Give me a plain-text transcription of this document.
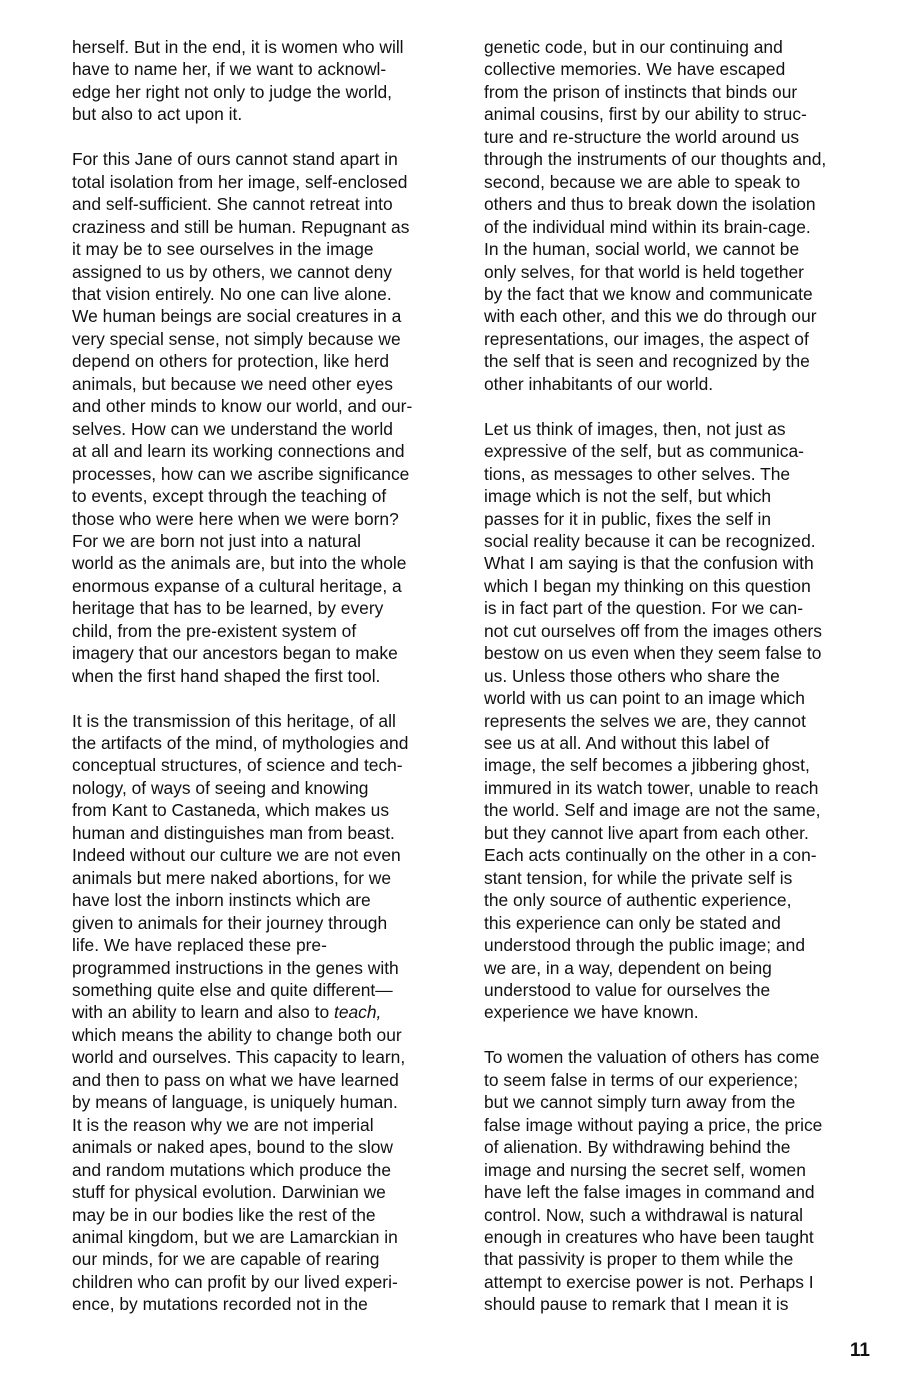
herself. But in the end, it is women who will
have to name her, if we want to acknowl-
edge her right not only to judge the world,
but also to act upon it.
For this Jane of ours cannot stand apart in
total isolation from her image, self-enclosed
and self-sufficient. She cannot retreat into
craziness and still be human. Repugnant as
it may be to see ourselves in the image
assigned to us by others, we cannot deny
that vision entirely. No one can live alone.
We human beings are social creatures in a
very special sense, not simply because we
depend on others for protection, like herd
animals, but because we need other eyes
and other minds to know our world, and our-
selves. How can we understand the world
at all and learn its working connections and
processes, how can we ascribe significance
to events, except through the teaching of
those who were here when we were born?
For we are born not just into a natural
world as the animals are, but into the whole
enormous expanse of a cultural heritage, a
heritage that has to be learned, by every
child, from the pre-existent system of
imagery that our ancestors began to make
when the first hand shaped the first tool.
It is the transmission of this heritage, of all
the artifacts of the mind, of mythologies and
conceptual structures, of science and tech-
nology, of ways of seeing and knowing
from Kant to Castaneda, which makes us
human and distinguishes man from beast.
Indeed without our culture we are not even
animals but mere naked abortions, for we
have lost the inborn instincts which are
given to animals for their journey through
life. We have replaced these pre-
programmed instructions in the genes with
something quite else and quite different—
with an ability to learn and also to teach,
which means the ability to change both our
world and ourselves. This capacity to learn,
and then to pass on what we have learned
by means of language, is uniquely human.
It is the reason why we are not imperial
animals or naked apes, bound to the slow
and random mutations which produce the
stuff for physical evolution. Darwinian we
may be in our bodies like the rest of the
animal kingdom, but we are Lamarckian in
our minds, for we are capable of rearing
children who can profit by our lived experi-
ence, by mutations recorded not in the
genetic code, but in our continuing and
collective memories. We have escaped
from the prison of instincts that binds our
animal cousins, first by our ability to struc-
ture and re-structure the world around us
through the instruments of our thoughts and,
second, because we are able to speak to
others and thus to break down the isolation
of the individual mind within its brain-cage.
In the human, social world, we cannot be
only selves, for that world is held together
by the fact that we know and communicate
with each other, and this we do through our
representations, our images, the aspect of
the self that is seen and recognized by the
other inhabitants of our world.
Let us think of images, then, not just as
expressive of the self, but as communica-
tions, as messages to other selves. The
image which is not the self, but which
passes for it in public, fixes the self in
social reality because it can be recognized.
What I am saying is that the confusion with
which I began my thinking on this question
is in fact part of the question. For we can-
not cut ourselves off from the images others
bestow on us even when they seem false to
us. Unless those others who share the
world with us can point to an image which
represents the selves we are, they cannot
see us at all. And without this label of
image, the self becomes a jibbering ghost,
immured in its watch tower, unable to reach
the world. Self and image are not the same,
but they cannot live apart from each other.
Each acts continually on the other in a con-
stant tension, for while the private self is
the only source of authentic experience,
this experience can only be stated and
understood through the public image; and
we are, in a way, dependent on being
understood to value for ourselves the
experience we have known.
To women the valuation of others has come
to seem false in terms of our experience;
but we cannot simply turn away from the
false image without paying a price, the price
of alienation. By withdrawing behind the
image and nursing the secret self, women
have left the false images in command and
control. Now, such a withdrawal is natural
enough in creatures who have been taught
that passivity is proper to them while the
attempt to exercise power is not. Perhaps I
should pause to remark that I mean it is
11
